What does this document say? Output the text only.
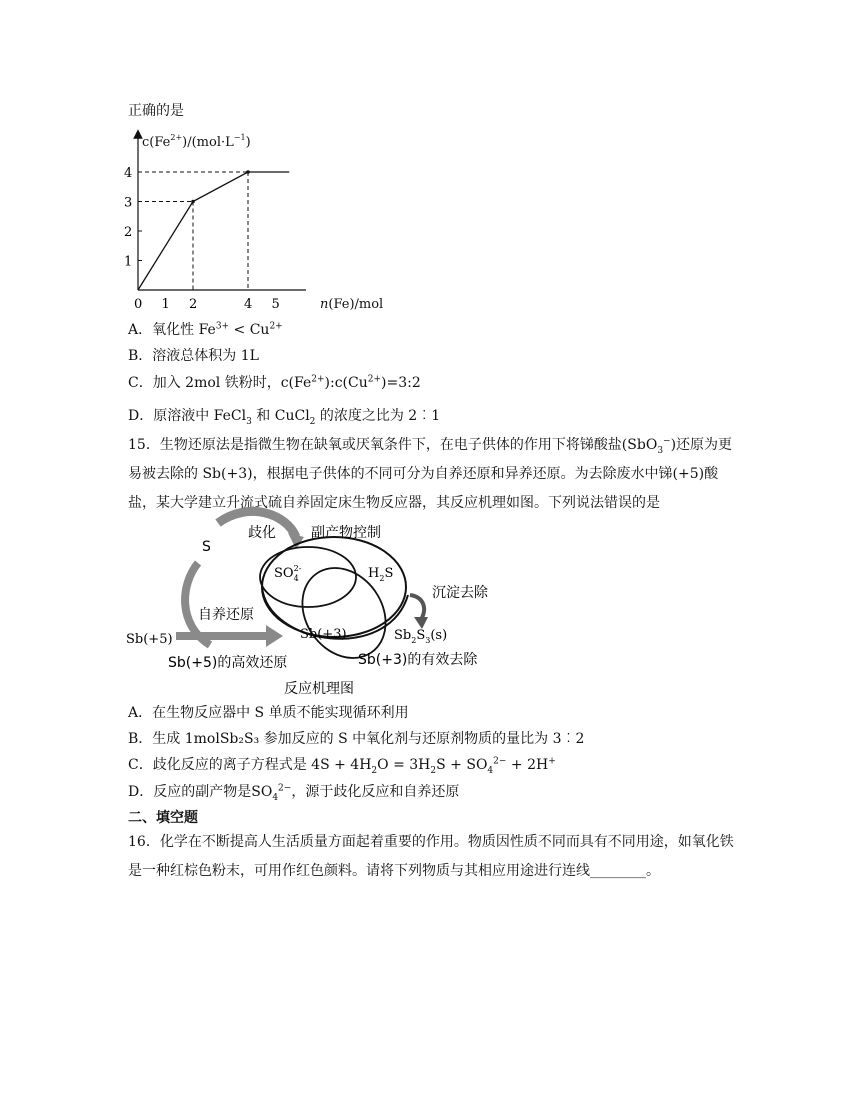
正确的是
$c(Fe^{2+})/(mol\cdot L^{-1})$
n(Fe)/mol
1
2
3
4
0 1 2	4 5
A．氧化性 $Fe^{3+} < Cu^{2+}$
B．溶液总体积为 1L
C．加入 2mol 铁粉时，$c(Fe^{2+}):c(Cu^{2+})=3:2$
D．原溶液中 FeCl$_3$ 和 CuCl$_2$ 的浓度之比为 2︰1
15．生物还原法是指微生物在缺氧或厌氧条件下，在电子供体的作用下将锑酸盐(SbO$_3$−)还原为更易被去除的 Sb(+3)，根据电子供体的不同可分为自养还原和异养还原。为去除废水中锑(+5)酸盐，某大学建立升流式硫自养固定床生物反应器，其反应机理如图。下列说法错误的是
S
歧化	副产物控制
$SO_42-$	$H_2S$
沉淀去除
自养还原
Sb(+5)	Sb(+3)	$Sb_2S_3(s)$
Sb(+5)的高效还原	Sb(+3)的有效去除
反应机理图
A．在生物反应器中 S 单质不能实现循环利用
B．生成 1molSb₂S₃ 参加反应的 S 中氧化剂与还原剂物质的量比为 3︰2
C．歧化反应的离子方程式是 $4S + 4H_2O = 3H_2S + SO_4^{2-} + 2H^+$
D．反应的副产物是$SO_4^{2-}$，源于歧化反应和自养还原
二、填空题
16．化学在不断提高人生活质量方面起着重要的作用。物质因性质不同而具有不同用途，如氧化铁是一种红棕色粉末，可用作红色颜料。请将下列物质与其相应用途进行连线________。
